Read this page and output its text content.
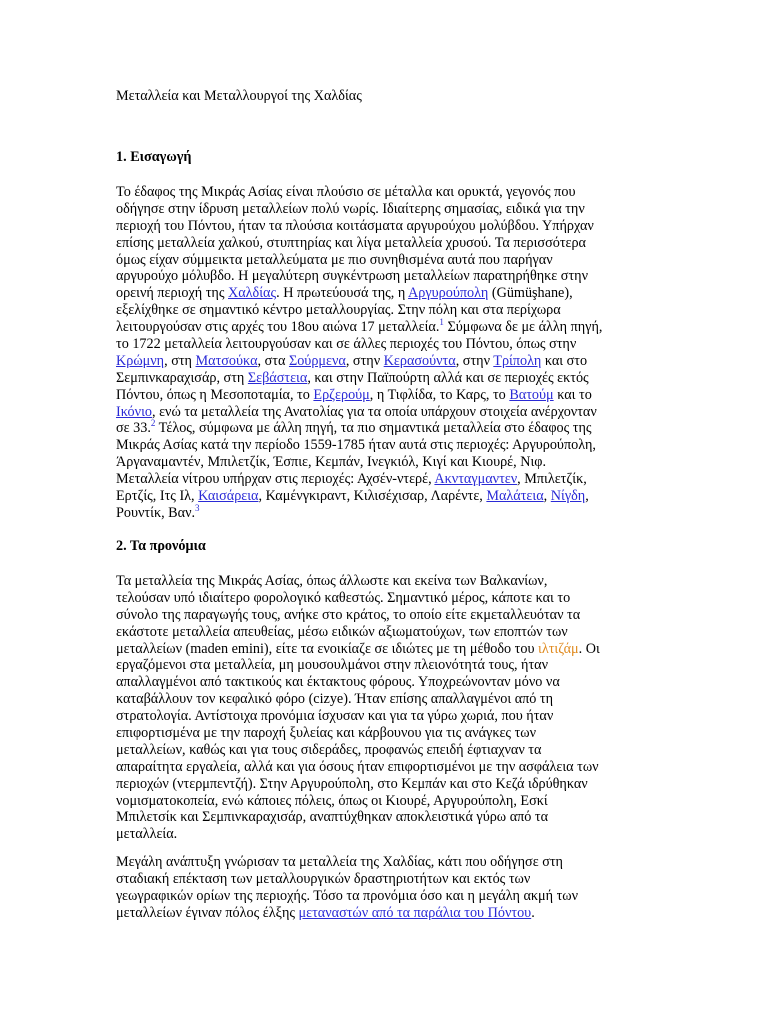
Μεταλλεία και Μεταλλουργοί της Χαλδίας
1. Εισαγωγή
Το έδαφος της Μικράς Ασίας είναι πλούσιο σε μέταλλα και ορυκτά, γεγονός που
οδήγησε στην ίδρυση μεταλλείων πολύ νωρίς. Ιδιαίτερης σημασίας, ειδικά για την
περιοχή του Πόντου, ήταν τα πλούσια κοιτάσματα αργυρούχου μολύβδου. Υπήρχαν
επίσης μεταλλεία χαλκού, στυπτηρίας και λίγα μεταλλεία χρυσού. Τα περισσότερα
όμως είχαν σύμμεικτα μεταλλεύματα με πιο συνηθισμένα αυτά που παρήγαν
αργυρούχο μόλυβδο. Η μεγαλύτερη συγκέντρωση μεταλλείων παρατηρήθηκε στην
ορεινή περιοχή της Χαλδίας. Η πρωτεύουσά της, η Αργυρούπολη (Gümüşhane),
εξελίχθηκε σε σημαντικό κέντρο μεταλλουργίας. Στην πόλη και στα περίχωρα
λειτουργούσαν στις αρχές του 18ου αιώνα 17 μεταλλεία.$^1$ Σύμφωνα δε με άλλη πηγή,
το 1722 μεταλλεία λειτουργούσαν και σε άλλες περιοχές του Πόντου, όπως στην
Κρώμνη, στη Ματσούκα, στα Σούρμενα, στην Κερασούντα, στην Τρίπολη και στο
Σεμπινκαραχισάρ, στη Σεβάστεια, και στην Παϊπούρτη αλλά και σε περιοχές εκτός
Πόντου, όπως η Μεσοποταμία, το Ερζερούμ, η Τιφλίδα, το Καρς, το Βατούμ και το
Ικόνιο, ενώ τα μεταλλεία της Ανατολίας για τα οποία υπάρχουν στοιχεία ανέρχονταν
σε 33.$^2$ Τέλος, σύμφωνα με άλλη πηγή, τα πιο σημαντικά μεταλλεία στο έδαφος της
Μικράς Ασίας κατά την περίοδο 1559-1785 ήταν αυτά στις περιοχές: Αργυρούπολη,
Άργαναμαντέν, Μπιλετζίκ, Έσπιε, Κεμπάν, Ινεγκιόλ, Κιγί και Κιουρέ, Νιφ.
Μεταλλεία νίτρου υπήρχαν στις περιοχές: Αχσέν-ντερέ, Ακνταγμαντεν, Μπιλετζίκ,
Ερτζίς, Ιτς Ιλ, Καισάρεια, Καμένγκιραντ, Κιλισέχισαρ, Λαρέντε, Μαλάτεια, Νίγδη,
Ρουντίκ, Βαν.$^3$
2. Τα προνόμια
Τα μεταλλεία της Μικράς Ασίας, όπως άλλωστε και εκείνα των Βαλκανίων,
τελούσαν υπό ιδιαίτερο φορολογικό καθεστώς. Σημαντικό μέρος, κάποτε και το
σύνολο της παραγωγής τους, ανήκε στο κράτος, το οποίο είτε εκμεταλλευόταν τα
εκάστοτε μεταλλεία απευθείας, μέσω ειδικών αξιωματούχων, των εποπτών των
μεταλλείων (maden emini), είτε τα ενοικίαζε σε ιδιώτες με τη μέθοδο του ιλτιζάμ. Οι
εργαζόμενοι στα μεταλλεία, μη μουσουλμάνοι στην πλειονότητά τους, ήταν
απαλλαγμένοι από τακτικούς και έκτακτους φόρους. Υποχρεώνονταν μόνο να
καταβάλλουν τον κεφαλικό φόρο (cizye). Ήταν επίσης απαλλαγμένοι από τη
στρατολογία. Αντίστοιχα προνόμια ίσχυσαν και για τα γύρω χωριά, που ήταν
επιφορτισμένα με την παροχή ξυλείας και κάρβουνου για τις ανάγκες των
μεταλλείων, καθώς και για τους σιδεράδες, προφανώς επειδή έφτιαχναν τα
απαραίτητα εργαλεία, αλλά και για όσους ήταν επιφορτισμένοι με την ασφάλεια των
περιοχών (ντερμπεντζή). Στην Αργυρούπολη, στο Κεμπάν και στο Κεζά ιδρύθηκαν
νομισματοκοπεία, ενώ κάποιες πόλεις, όπως οι Κιουρέ, Αργυρούπολη, Εσκί
Μπιλετσίκ και Σεμπινκαραχισάρ, αναπτύχθηκαν αποκλειστικά γύρω από τα
μεταλλεία.
Μεγάλη ανάπτυξη γνώρισαν τα μεταλλεία της Χαλδίας, κάτι που οδήγησε στη
σταδιακή επέκταση των μεταλλουργικών δραστηριοτήτων και εκτός των
γεωγραφικών ορίων της περιοχής. Τόσο τα προνόμια όσο και η μεγάλη ακμή των
μεταλλείων έγιναν πόλος έλξης μεταναστών από τα παράλια του Πόντου.
